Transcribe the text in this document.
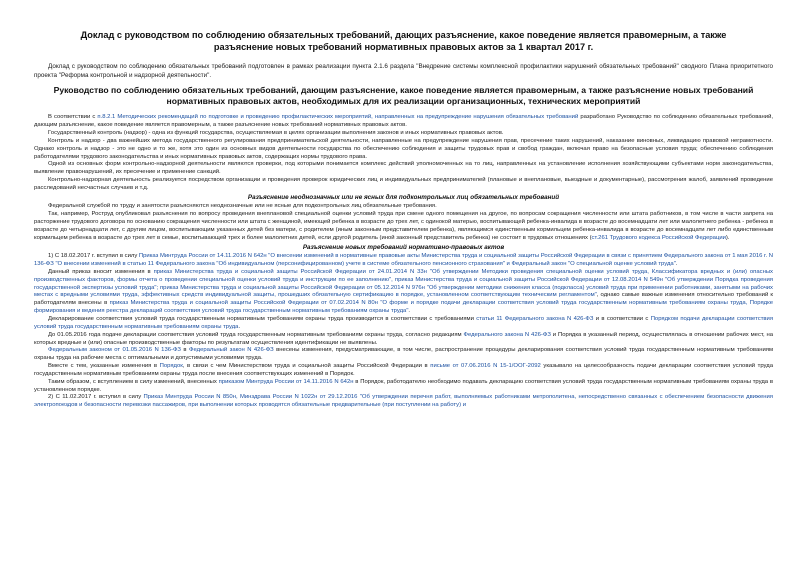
Доклад с руководством по соблюдению обязательных требований, дающих разъяснение, какое поведение является правомерным, а также разъяснение новых требований нормативных правовых актов за 1 квартал 2017 г.

Доклад с руководством по соблюдению обязательных требований подготовлен в рамках реализации пункта 2.1.6 раздела "Внедрение системы комплексной профилактики нарушений обязательных требований" сводного Плана приоритетного проекта "Реформа контрольной и надзорной деятельности".

Руководство по соблюдению обязательных требований, дающим разъяснение, какое поведение является правомерным, а также разъяснение новых требований нормативных правовых актов, необходимых для их реализации организационных, технических мероприятий

В соответствии с п.8.2.1 Методических рекомендаций по подготовке и проведению профилактических мероприятий, направленных на предупреждение нарушения обязательных требований разработано Руководство по соблюдению обязательных требований, дающим разъяснение, какое поведение является правомерным, а также разъяснение новых требований нормативных правовых актов.

Государственный контроль (надзор) - одна из функций государства, осуществляемая в целях организации выполнения законов и иных нормативных правовых актов.

Контроль и надзор - два важнейших метода государственного регулирования предпринимательской деятельности, направленные на предупреждение нарушения прав, пресечение таких нарушений, наказание виновных, ликвидацию правовой неграмотности. Однако контроль и надзор - это не одно и то же, хотя это один из основных видов деятельности государства по обеспечению соблюдения и защиты трудовых прав и свобод граждан, включая право на безопасные условия труда; обеспечению соблюдения работодателями трудового законодательства и иных нормативных правовых актов, содержащих нормы трудового права.

Одной из основных форм контрольно-надзорной деятельности являются проверки, под которыми понимается комплекс действий уполномоченных на то лиц, направленных на установление исполнения хозяйствующими субъектами норм законодательства, выявление правонарушений, их пресечение и применение санкций.

Контрольно-надзорная деятельность реализуется посредством организации и проведения проверок юридических лиц и индивидуальных предпринимателей (плановые и внеплановые, выездные и документарные), рассмотрения жалоб, заявлений проведение расследований несчастных случаев и т.д.

Разъяснение неоднозначных или не ясных для подконтрольных лиц обязательных требований

Федеральной службой по труду и занятости разъясняются неоднозначные или не ясные для подконтрольных лиц обязательные требования.

Так, например, Роструд опубликовал разъяснения по вопросу проведения внеплановой специальной оценки условий труда при смене одного помещения на другое, по вопросам сокращения численности или штата работников, в том числе в части запрета на расторжение трудового договора по основанию сокращения численности или штата с женщиной, имеющей ребенка в возрасте до трех лет, с одинокой матерью, воспитывающей ребенка-инвалида в возрасте до восемнадцати лет или малолетнего ребенка - ребенка в возрасте до четырнадцати лет, с другим лицом, воспитывающим указанных детей без матери, с родителем (иным законным представителем ребенка), являющимся единственным кормильцем ребенка-инвалида в возрасте до восемнадцати лет либо единственным кормильцем ребенка в возрасте до трех лет в семье, воспитывающей трех и более малолетних детей, если другой родитель (иной законный представитель ребенка) не состоит в трудовых отношениях (ст.261 Трудового кодекса Российской Федерации).

Разъяснение новых требований нормативно-правовых актов

1) С 18.02.2017 г. вступил в силу Приказ Минтруда России от 14.11.2016 N 642н "О внесении изменений в нормативные правовые акты Министерства труда и социальной защиты Российской Федерации в связи с принятием Федерального закона от 1 мая 2016 г. N 136-ФЗ "О внесении изменений в статью 11 Федерального закона "Об индивидуальном (персонифицированном) учете в системе обязательного пенсионного страхования" и Федеральный закон "О специальной оценке условий труда".

Данный приказ вносит изменения в приказ Министерства труда и социальной защиты Российской Федерации от 24.01.2014 N 33н "Об утверждении Методики проведения специальной оценки условий труда, Классификатора вредных и (или) опасных производственных факторов, формы отчета о проведении специальной оценки условий труда и инструкции по ее заполнению", приказ Министерства труда и социальной защиты Российской Федерации от 12.08.2014 N 549н "Об утверждении Порядка проведения государственной экспертизы условий труда"; приказ Министерства труда и социальной защиты Российской Федерации от 05.12.2014 N 976н "Об утверждении методики снижения класса (подкласса) условий труда при применении работниками, занятыми на рабочих местах с вредными условиями труда, эффективных средств индивидуальной защиты, прошедших обязательную сертификацию в порядке, установленном соответствующим техническим регламентом", однако самые важные изменения относительно требований к работодателям внесены в приказ Министерства труда и социальной защиты Российской Федерации от 07.02.2014 N 80н "О форме и порядке подачи декларации соответствия условий труда государственным нормативным требованиям охраны труда, Порядке формирования и ведения реестра деклараций соответствия условий труда государственным нормативным требованиям охраны труда".

Декларирование соответствия условий труда государственным нормативным требованиям охраны труда производится в соответствии с требованиями статьи 11 Федерального закона N 426-ФЗ и в соответствии с Порядком подачи декларации соответствия условий труда государственным нормативным требованиям охраны труда.

До 01.05.2016 года подаче декларации соответствия условий труда государственным нормативным требованиям охраны труда, согласно редакциям Федерального закона N 426-ФЗ и Порядка в указанный период, осуществлялась в отношении рабочих мест, на которых вредные и (или) опасные производственные факторы по результатам осуществления идентификации не выявлены.

Федеральным законом от 01.05.2016 N 136-ФЗ в Федеральный закон N 426-ФЗ внесены изменения, предусматривающие, в том числе, распространение процедуры декларирования соответствия условий труда государственным нормативным требованиям охраны труда на рабочие места с оптимальными и допустимыми условиями труда.

Вместе с тем, указанные изменения в Порядок, в связи с чем Министерством труда и социальной защиты Российской Федерации в письме от 07.06.2016 N 15-1/ООГ-2092 указывало на целесообразность подачи декларации соответствия условий труда государственным нормативным требованиям охраны труда после внесения соответствующих изменений в Порядок.

Таким образом, с вступлением в силу изменений, внесенных приказом Минтруда России от 14.11.2016 N 642н в Порядок, работодателю необходимо подавать декларацию соответствия условий труда государственным нормативным требованиям охраны труда в установленном порядке.

2) С 11.02.2017 г. вступил в силу Приказ Минтруда России N 850н, Минздрава России N 1022н от 29.12.2016 "Об утверждении перечня работ, выполняемых работниками метрополитена, непосредственно связанных с обеспечением безопасности движения электропоездов и безопасности перевозки пассажиров, при выполнении которых проводятся обязательные предварительные (при поступлении на работу) и
